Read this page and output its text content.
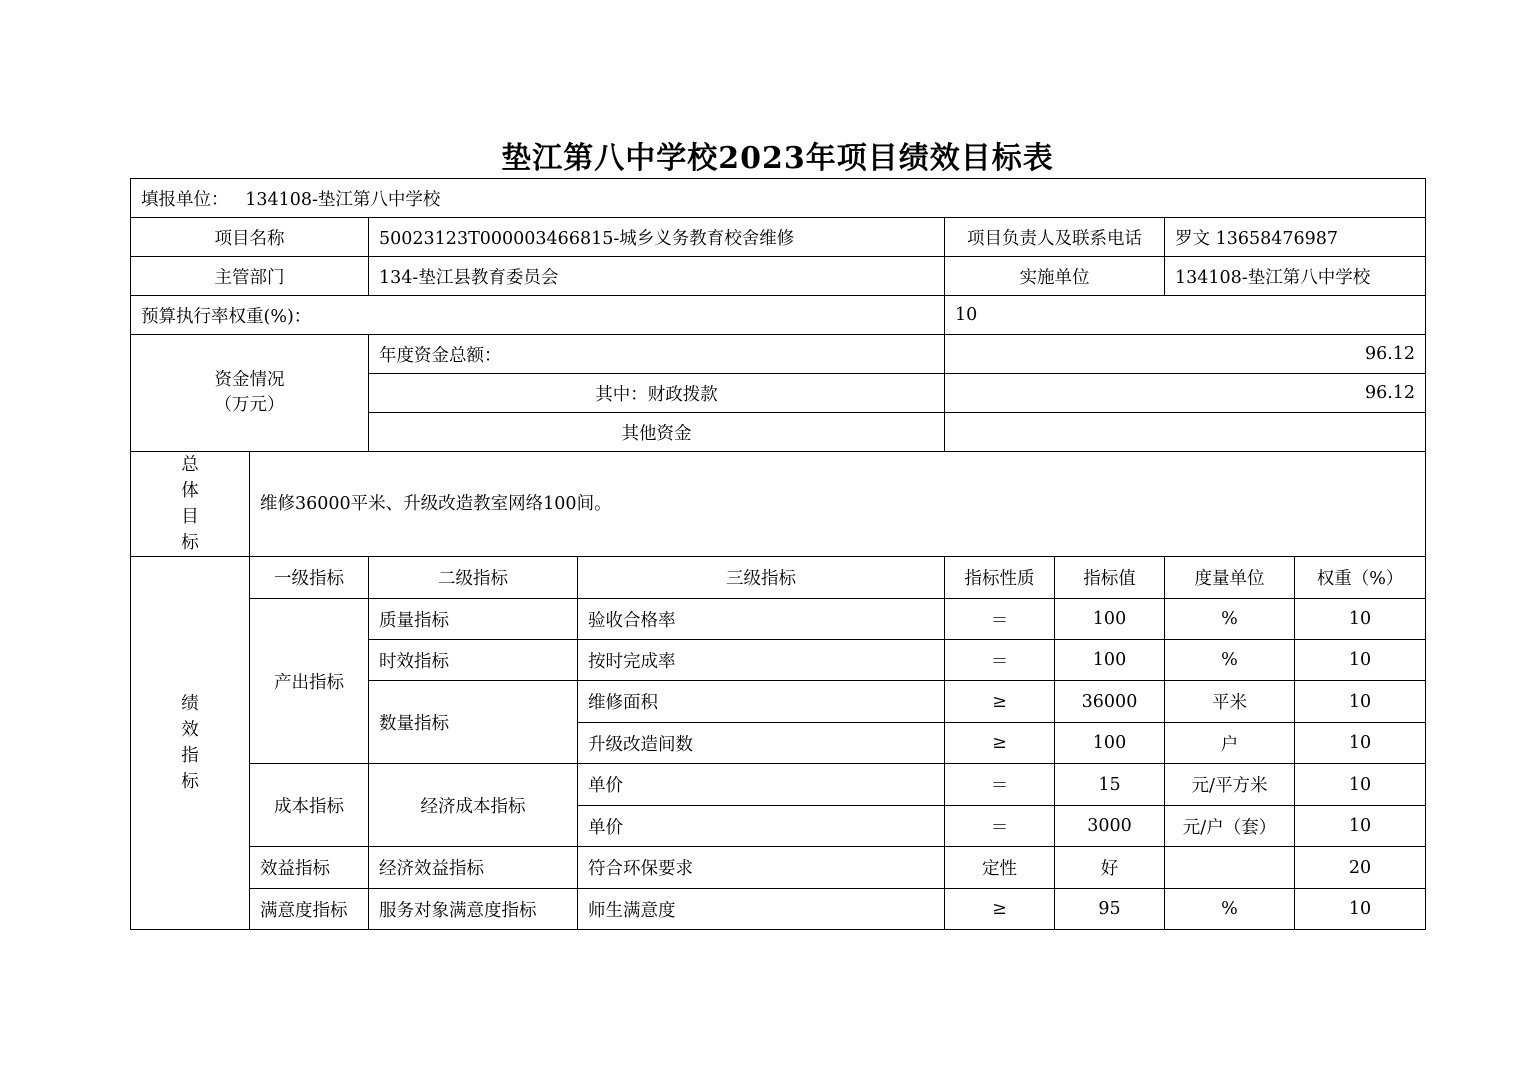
垫江第八中学校2023年项目绩效目标表
填报单位： 134108-垫江第八中学校							
项目名称		50023123T000003466815-城乡义务教育校舍维修		项目负责人及联系电话		罗文 13658476987	
主管部门		134-垫江县教育委员会		实施单位		134108-垫江第八中学校	
预算执行率权重(%)：				10			
资金情况
（万元）		年度资金总额：		96.12			
		其中：财政拨款		96.12			
		其他资金					

总
体
目
标	维修36000平米、升级改造教室网络100间。						

绩
效
指
标	一级指标	二级指标	三级指标	指标性质	指标值	度量单位	权重（%）
	产出指标	质量指标	验收合格率	＝	100	%	10
		时效指标	按时完成率	＝	100	%	10
		数量指标	维修面积	≥	36000	平米	10
			升级改造间数	≥	100	户	10
	成本指标	经济成本指标	单价	＝	15	元/平方米	10
			单价	＝	3000	元/户（套）	10
	效益指标	经济效益指标	符合环保要求	定性	好		20
	满意度指标	服务对象满意度指标	师生满意度	≥	95	%	10
